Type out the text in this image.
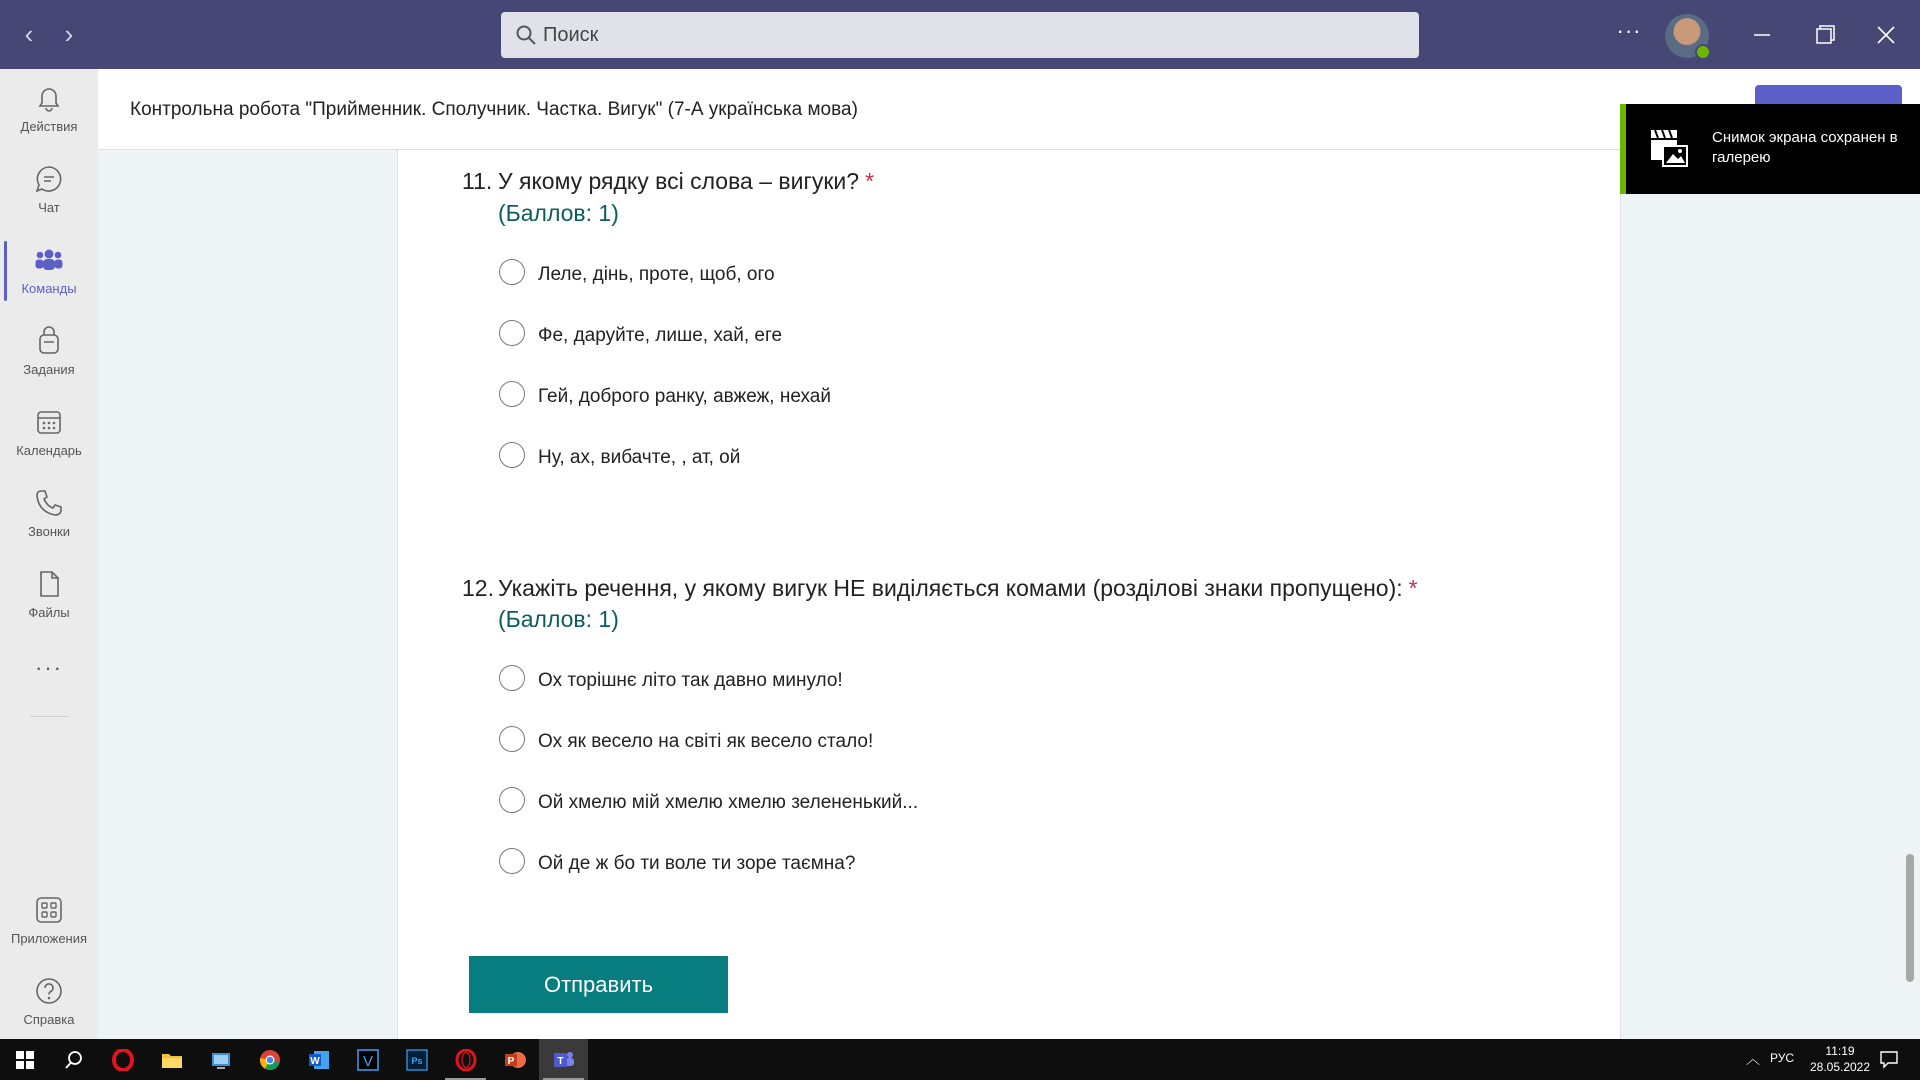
‹	›
Поиск	···
Действия
Чат
Команды
Задания
Календарь
Звонки
Файлы
···
Приложения
Справка
Контрольна робота "Прийменник. Сполучник. Частка. Вигук" (7-А українська мова)
11. У якому рядку всі слова – вигуки? *
(Баллов: 1)
Леле, дінь, проте, щоб, ого
Фе, даруйте, лише, хай, еге
Гей, доброго ранку, авжеж, нехай
Ну, ах, вибачте, , ат, ой
12. Укажіть речення, у якому вигук НЕ виділяється комами (розділові знаки пропущено): *
(Баллов: 1)
Ох торішнє літо так давно минуло!
Ох як весело на світі як весело стало!
Ой хмелю мій хмелю хмелю зелененький...
Ой де ж бо ти воле ти зоре таємна?
Отправить
Снимок экрана сохранен в галерею
W	V	Ps	P	T	︿ РУС	11:19
28.05.2022
